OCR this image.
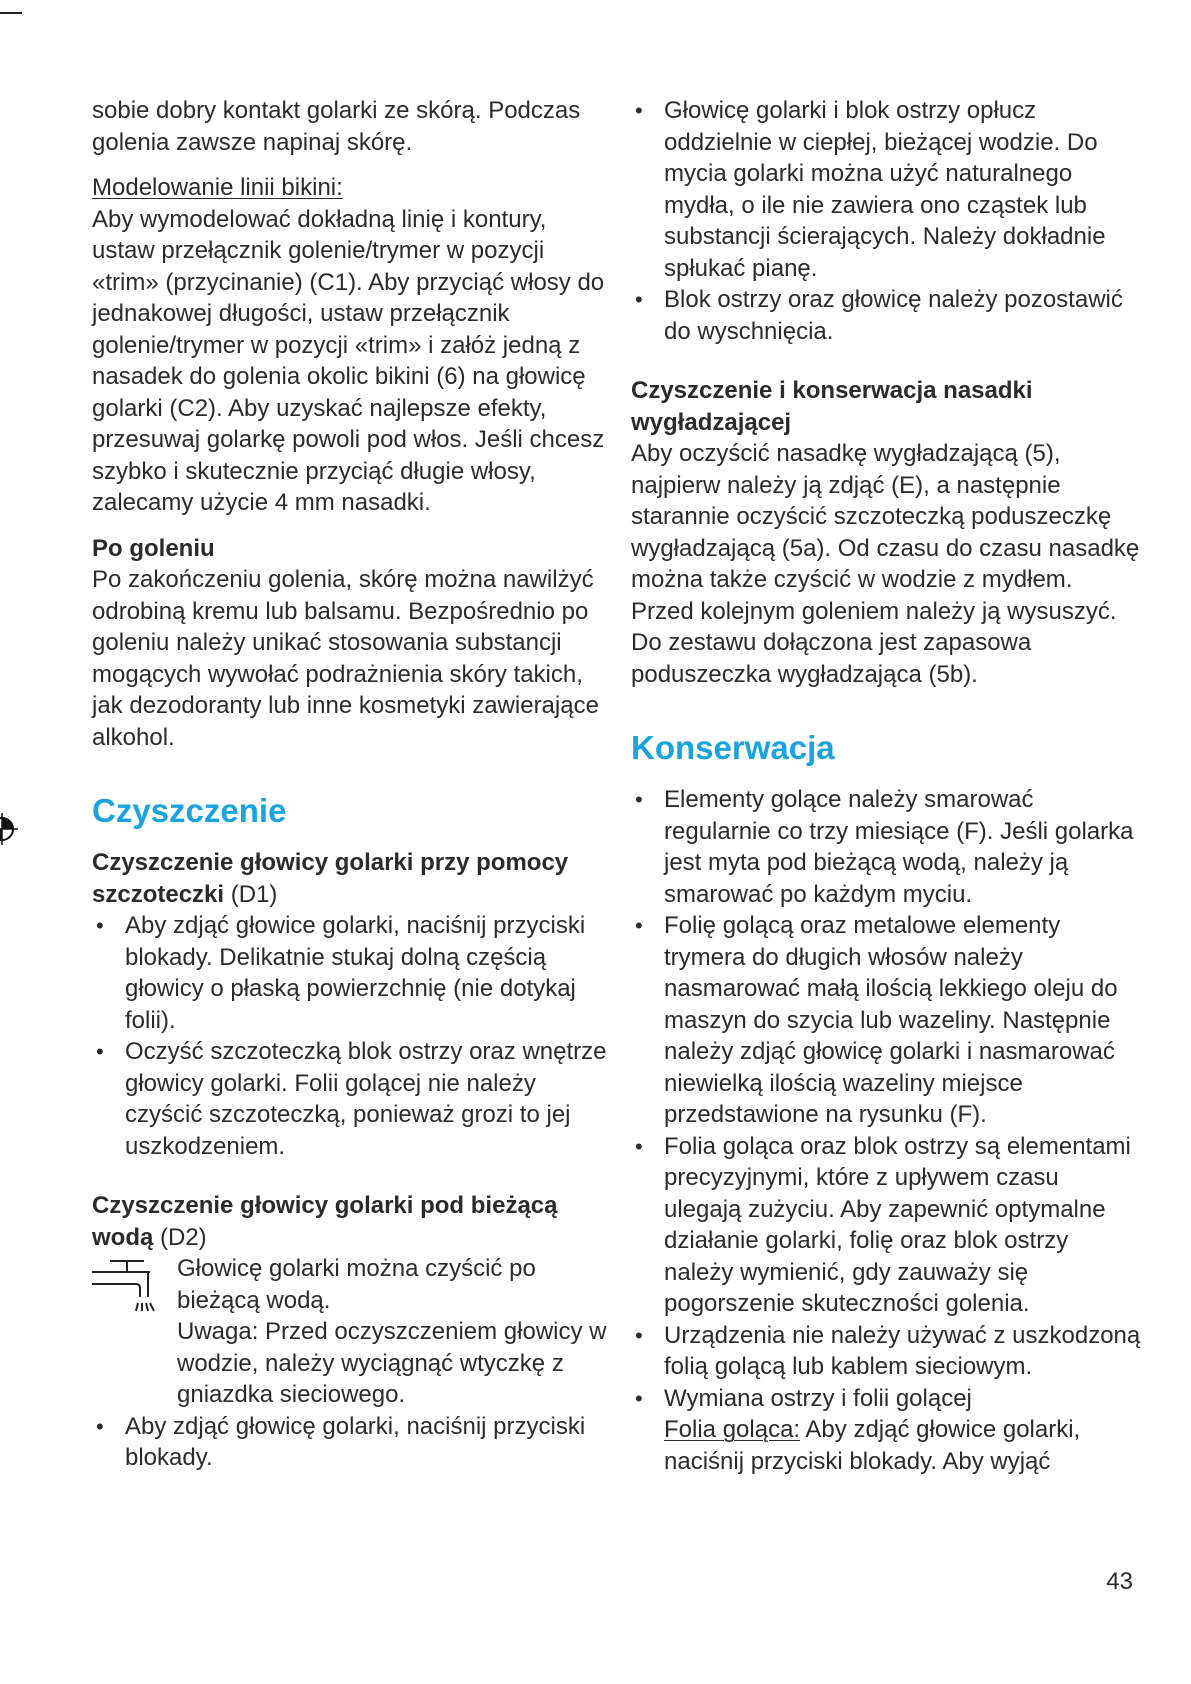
sobie dobry kontakt golarki ze skórą. Podczas golenia zawsze napinaj skórę.

Modelowanie linii bikini:

Aby wymodelować dokładną linię i kontury, ustaw przełącznik golenie/trymer w pozycji «trim» (przycinanie) (C1). Aby przyciąć włosy do jednakowej długości, ustaw przełącznik golenie/trymer w pozycji «trim» i załóż jedną z nasadek do golenia okolic bikini (6) na głowicę golarki (C2). Aby uzyskać najlepsze efekty, przesuwaj golarkę powoli pod włos. Jeśli chcesz szybko i skutecznie przyciąć długie włosy, zalecamy użycie 4 mm nasadki.

Po goleniu

Po zakończeniu golenia, skórę można nawilżyć odrobiną kremu lub balsamu. Bezpośrednio po goleniu należy unikać stosowania substancji mogących wywołać podrażnienia skóry takich, jak dezodoranty lub inne kosmetyki zawierające alkohol.

Czyszczenie

Czyszczenie głowicy golarki przy pomocy szczoteczki (D1)

• Aby zdjąć głowice golarki, naciśnij przyciski blokady. Delikatnie stukaj dolną częścią głowicy o płaską powierzchnię (nie dotykaj folii).
• Oczyść szczoteczką blok ostrzy oraz wnętrze głowicy golarki. Folii golącej nie należy czyścić szczoteczką, ponieważ grozi to jej uszkodzeniem.

Czyszczenie głowicy golarki pod bieżącą wodą (D2)

Głowicę golarki można czyścić po bieżącą wodą.

Uwaga: Przed oczyszczeniem głowicy w wodzie, należy wyciągnąć wtyczkę z gniazdka sieciowego.

• Aby zdjąć głowicę golarki, naciśnij przyciski blokady.
• Głowicę golarki i blok ostrzy opłucz oddzielnie w ciepłej, bieżącej wodzie. Do mycia golarki można użyć naturalnego mydła, o ile nie zawiera ono cząstek lub substancji ścierających. Należy dokładnie spłukać pianę.
• Blok ostrzy oraz głowicę należy pozostawić do wyschnięcia.

Czyszczenie i konserwacja nasadki wygładzającej

Aby oczyścić nasadkę wygładzającą (5), najpierw należy ją zdjąć (E), a następnie starannie oczyścić szczoteczką poduszeczkę wygładzającą (5a). Od czasu do czasu nasadkę można także czyścić w wodzie z mydłem. Przed kolejnym goleniem należy ją wysuszyć.

Do zestawu dołączona jest zapasowa poduszeczka wygładzająca (5b).

Konserwacja
• Elementy golące należy smarować regularnie co trzy miesiące (F). Jeśli golarka jest myta pod bieżącą wodą, należy ją smarować po każdym myciu.
• Folię golącą oraz metalowe elementy trymera do długich włosów należy nasmarować małą ilością lekkiego oleju do maszyn do szycia lub wazeliny. Następnie należy zdjąć głowicę golarki i nasmarować niewielką ilością wazeliny miejsce przedstawione na rysunku (F).
• Folia goląca oraz blok ostrzy są elementami precyzyjnymi, które z upływem czasu ulegają zużyciu. Aby zapewnić optymalne działanie golarki, folię oraz blok ostrzy należy wymienić, gdy zauważy się pogorszenie skuteczności golenia.
• Urządzenia nie należy używać z uszkodzoną folią golącą lub kablem sieciowym.
• Wymiana ostrzy i folii golącej
Folia goląca: Aby zdjąć głowice golarki, naciśnij przyciski blokady. Aby wyjąć
43
